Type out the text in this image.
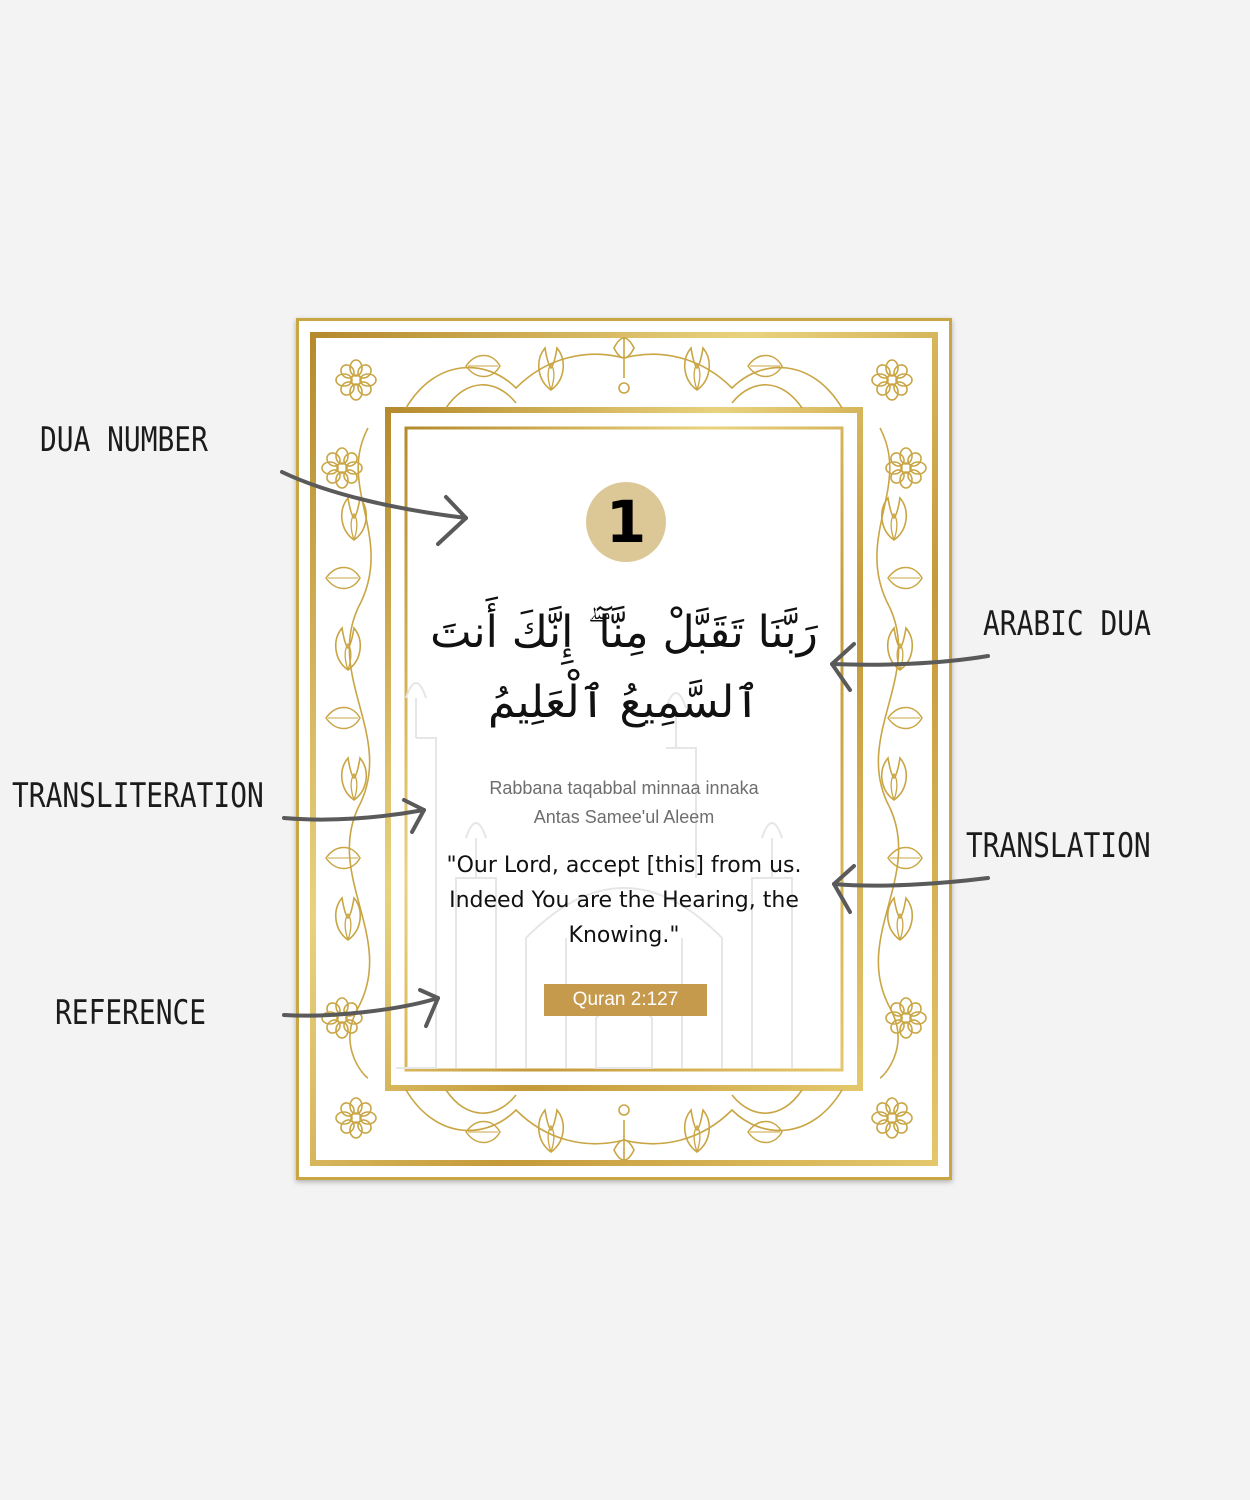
1
رَبَّنَا تَقَبَّلْ مِنَّآ ۖ إِنَّكَ أَنتَ
ٱلسَّمِيعُ ٱلْعَلِيمُ
Rabbana taqabbal minnaa innaka
Antas Samee'ul Aleem
"Our Lord, accept [this] from us.
Indeed You are the Hearing, the
Knowing."
Quran 2:127
DUA NUMBER
ARABIC DUA
TRANSLITERATION
TRANSLATION
REFERENCE
